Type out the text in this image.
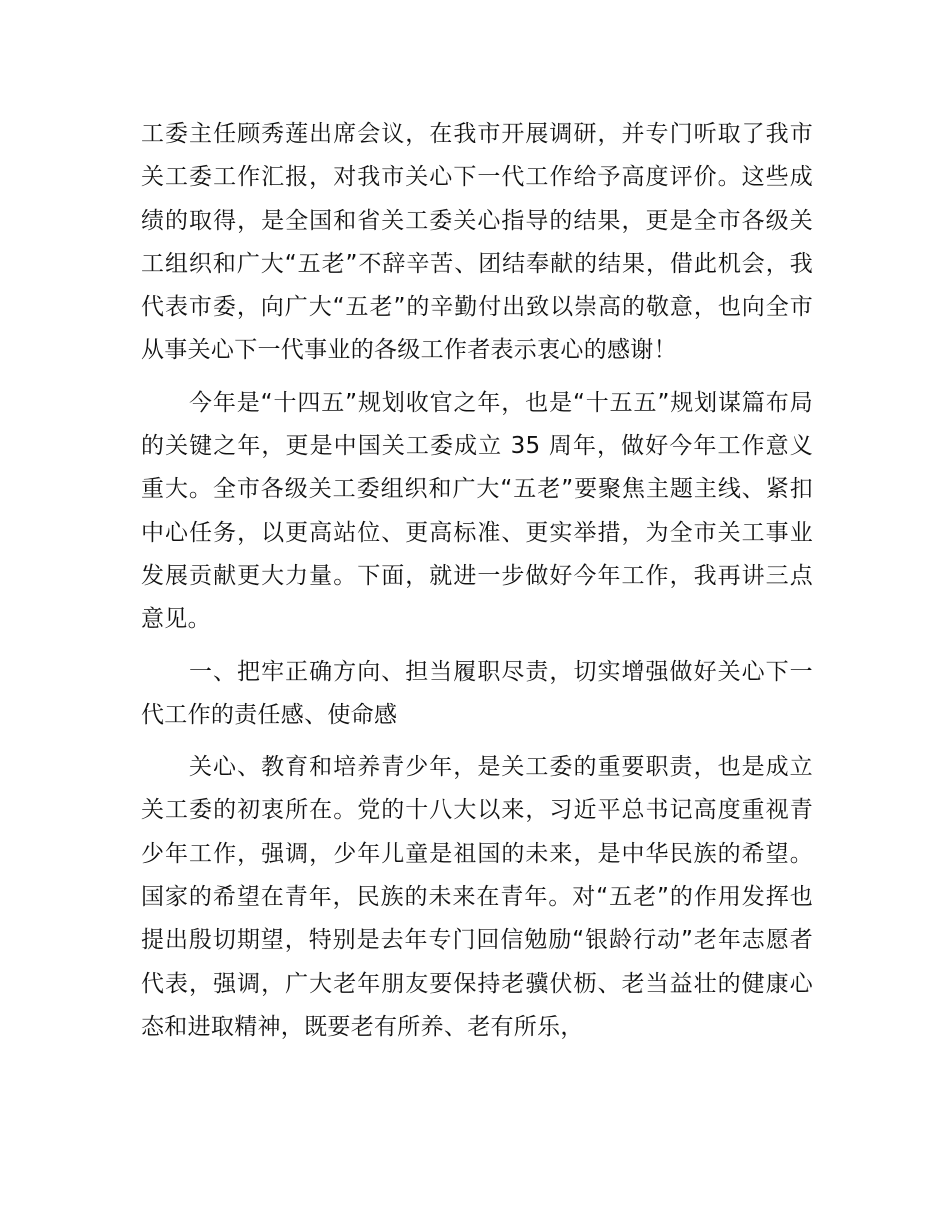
工委主任顾秀莲出席会议，在我市开展调研，并专门听取了我市关工委工作汇报，对我市关心下一代工作给予高度评价。这些成绩的取得，是全国和省关工委关心指导的结果，更是全市各级关工组织和广大“五老”不辞辛苦、团结奉献的结果，借此机会，我代表市委，向广大“五老”的辛勤付出致以崇高的敬意，也向全市从事关心下一代事业的各级工作者表示衷心的感谢！

今年是“十四五”规划收官之年，也是“十五五”规划谋篇布局的关键之年，更是中国关工委成立 35 周年，做好今年工作意义重大。全市各级关工委组织和广大“五老”要聚焦主题主线、紧扣中心任务，以更高站位、更高标准、更实举措，为全市关工事业发展贡献更大力量。下面，就进一步做好今年工作，我再讲三点意见。

一、把牢正确方向、担当履职尽责，切实增强做好关心下一代工作的责任感、使命感

关心、教育和培养青少年，是关工委的重要职责，也是成立关工委的初衷所在。党的十八大以来，习近平总书记高度重视青少年工作，强调，少年儿童是祖国的未来，是中华民族的希望。国家的希望在青年，民族的未来在青年。对“五老”的作用发挥也提出殷切期望，特别是去年专门回信勉励“银龄行动”老年志愿者代表，强调，广大老年朋友要保持老骥伏枥、老当益壮的健康心态和进取精神，既要老有所养、老有所乐，
